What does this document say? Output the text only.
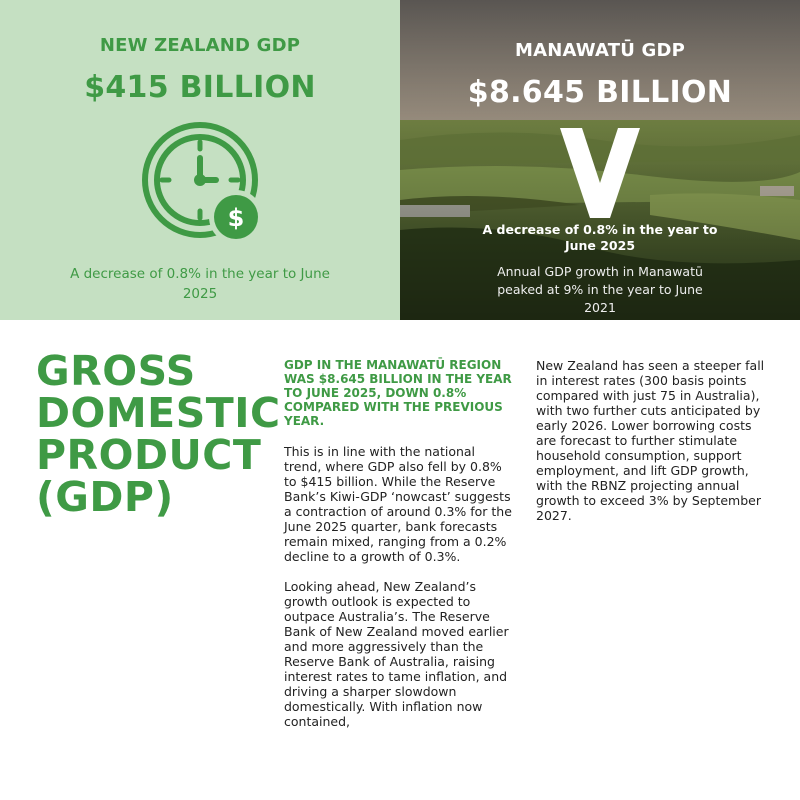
NEW ZEALAND GDP
$415 BILLION
$
A decrease of 0.8% in the year to June 2025
MANAWATŪ GDP
$8.645 BILLION
A decrease of 0.8% in the year to June 2025
Annual GDP growth in Manawatū peaked at 9% in the year to June 2021
GROSS DOMESTIC PRODUCT (GDP)
GDP IN THE MANAWATŪ REGION WAS $8.645 BILLION IN THE YEAR TO JUNE 2025, DOWN 0.8% COMPARED WITH THE PREVIOUS YEAR.

This is in line with the national trend, where GDP also fell by 0.8% to $415 billion. While the Reserve Bank’s Kiwi-GDP ‘nowcast’ suggests a contraction of around 0.3% for the June 2025 quarter, bank forecasts remain mixed, ranging from a 0.2% decline to a growth of 0.3%.

Looking ahead, New Zealand’s growth outlook is expected to outpace Australia’s. The Reserve Bank of New Zealand moved earlier and more aggressively than the Reserve Bank of Australia, raising interest rates to tame inflation, and driving a sharper slowdown domestically. With inflation now contained,

New Zealand has seen a steeper fall in interest rates (300 basis points compared with just 75 in Australia), with two further cuts anticipated by early 2026. Lower borrowing costs are forecast to further stimulate household consumption, support employment, and lift GDP growth, with the RBNZ projecting annual growth to exceed 3% by September 2027.
